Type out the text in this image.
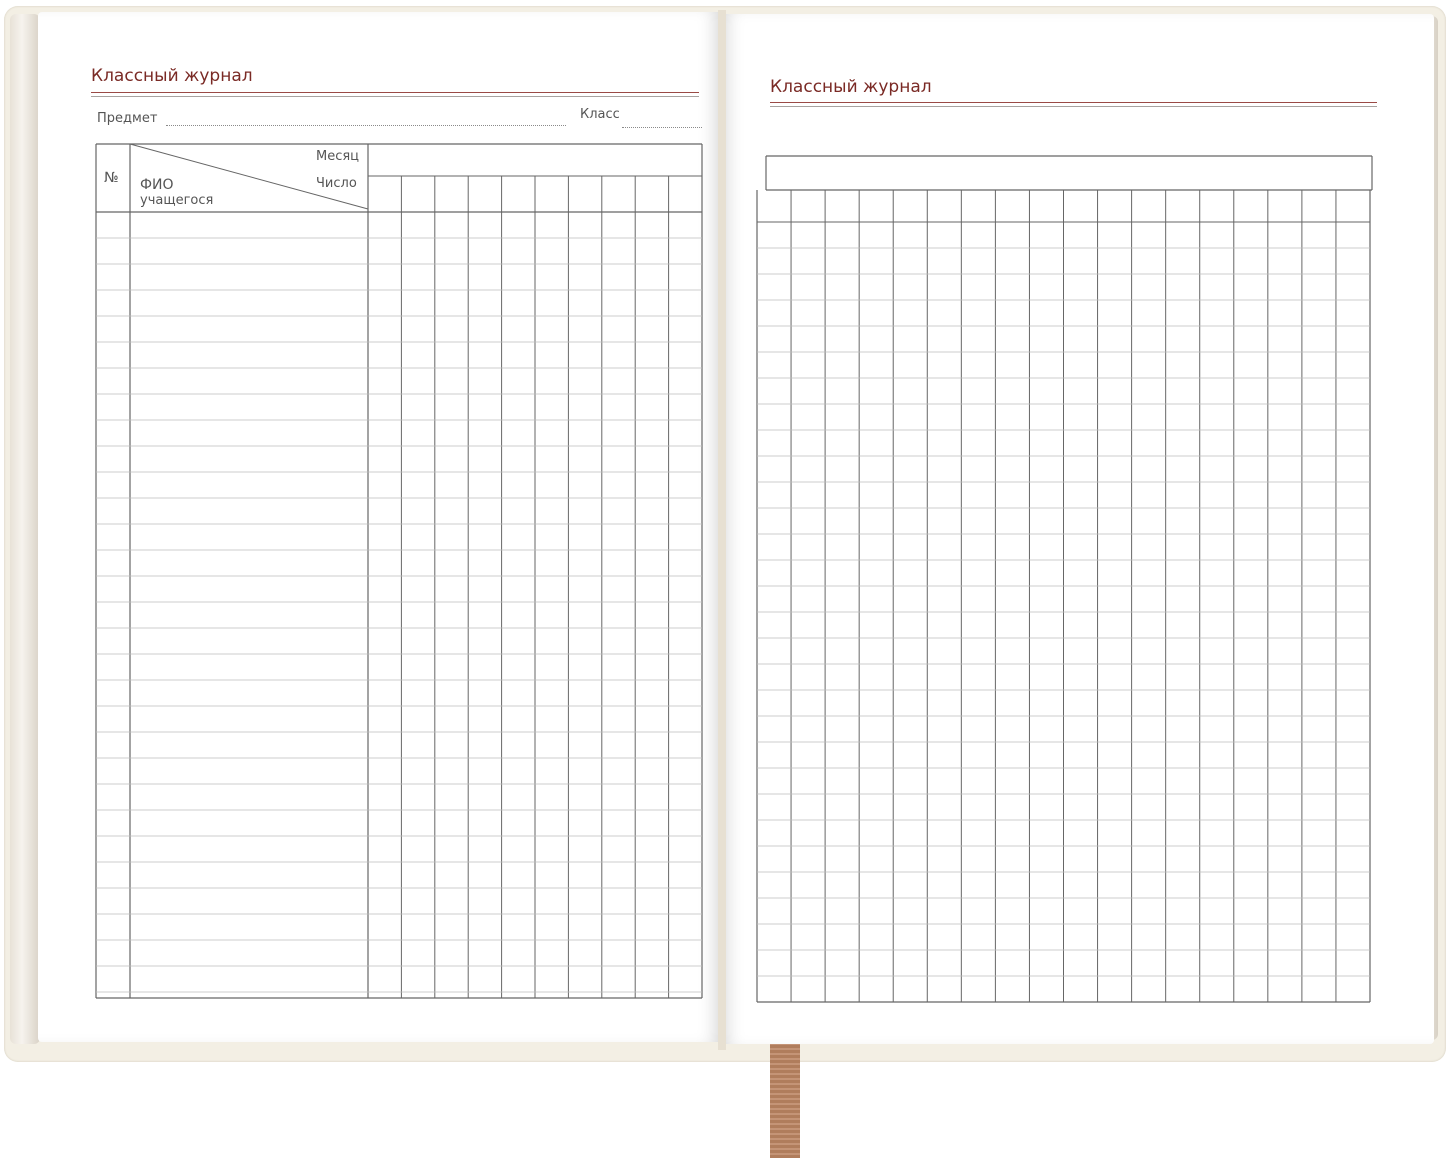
Классный журнал
Предмет	Класс
№ ФИО
учащегося
Месяц
Число
Классный журнал
